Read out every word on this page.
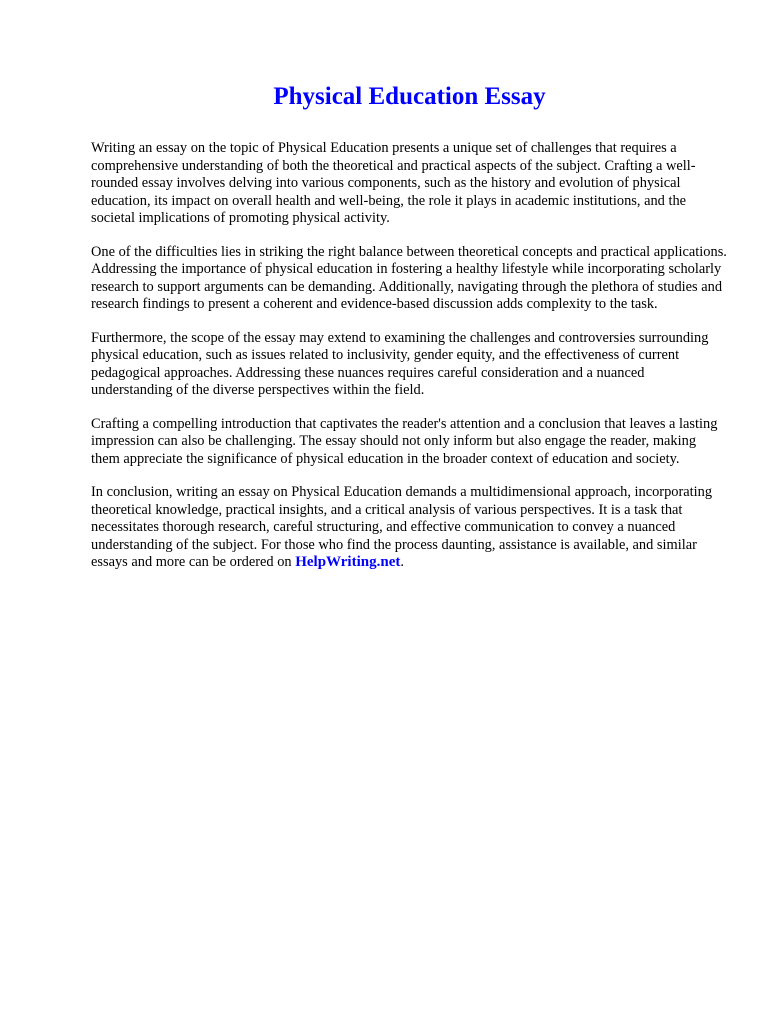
Physical Education Essay

Writing an essay on the topic of Physical Education presents a unique set of challenges that requires a comprehensive understanding of both the theoretical and practical aspects of the subject. Crafting a well-rounded essay involves delving into various components, such as the history and evolution of physical education, its impact on overall health and well-being, the role it plays in academic institutions, and the societal implications of promoting physical activity.

One of the difficulties lies in striking the right balance between theoretical concepts and practical applications. Addressing the importance of physical education in fostering a healthy lifestyle while incorporating scholarly research to support arguments can be demanding. Additionally, navigating through the plethora of studies and research findings to present a coherent and evidence-based discussion adds complexity to the task.

Furthermore, the scope of the essay may extend to examining the challenges and controversies surrounding physical education, such as issues related to inclusivity, gender equity, and the effectiveness of current pedagogical approaches. Addressing these nuances requires careful consideration and a nuanced understanding of the diverse perspectives within the field.

Crafting a compelling introduction that captivates the reader's attention and a conclusion that leaves a lasting impression can also be challenging. The essay should not only inform but also engage the reader, making them appreciate the significance of physical education in the broader context of education and society.

In conclusion, writing an essay on Physical Education demands a multidimensional approach, incorporating theoretical knowledge, practical insights, and a critical analysis of various perspectives. It is a task that necessitates thorough research, careful structuring, and effective communication to convey a nuanced understanding of the subject. For those who find the process daunting, assistance is available, and similar essays and more can be ordered on HelpWriting.net.
